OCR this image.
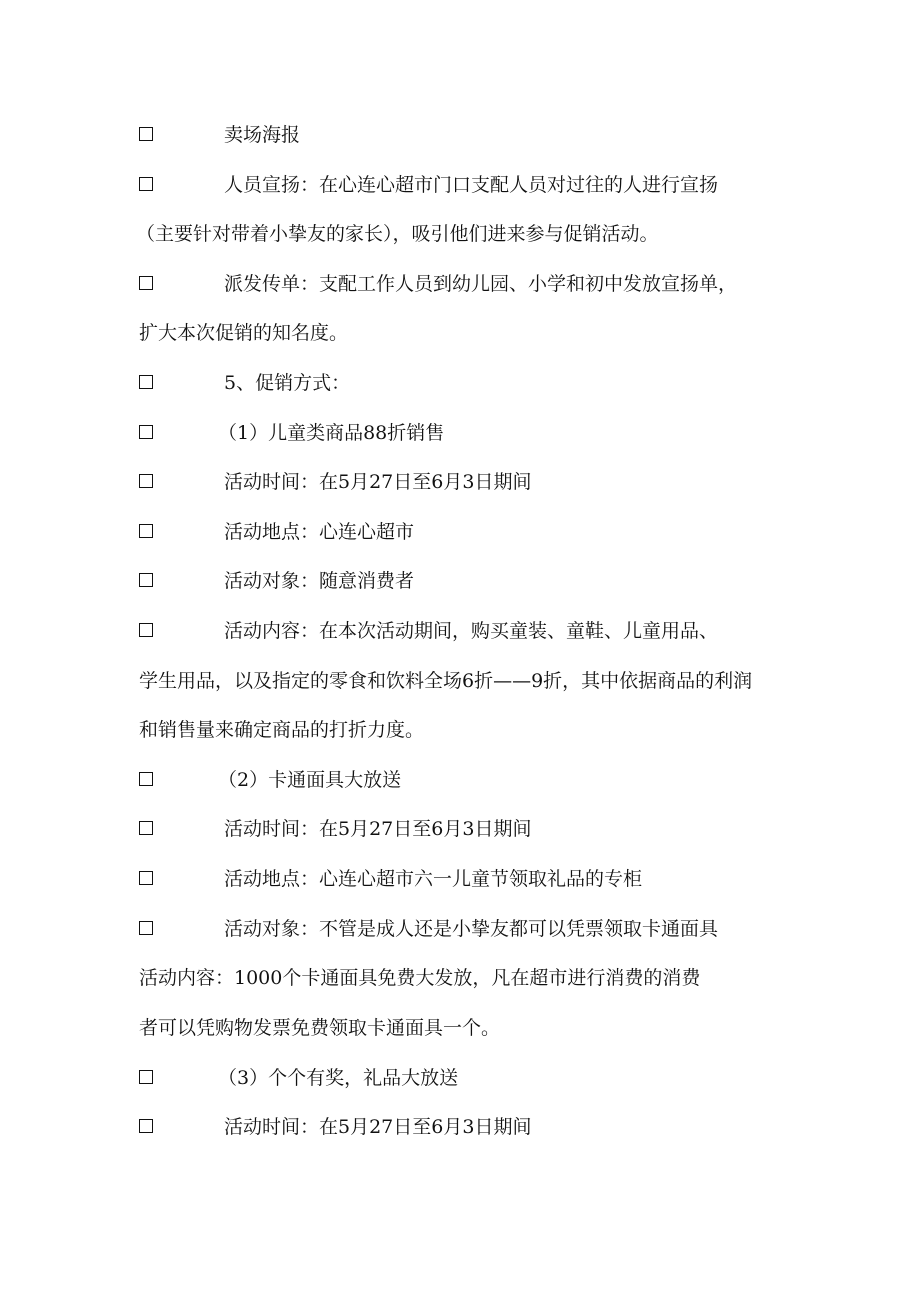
卖场海报
人员宣扬：在心连心超市门口支配人员对过往的人进行宣扬
（主要针对带着小挚友的家长），吸引他们进来参与促销活动。
派发传单：支配工作人员到幼儿园、小学和初中发放宣扬单，
扩大本次促销的知名度。
5、促销方式：
（1）儿童类商品88折销售
活动时间：在5月27日至6月3日期间
活动地点：心连心超市
活动对象：随意消费者
活动内容：在本次活动期间，购买童装、童鞋、儿童用品、
学生用品，以及指定的零食和饮料全场6折——9折，其中依据商品的利润
和销售量来确定商品的打折力度。
（2）卡通面具大放送
活动时间：在5月27日至6月3日期间
活动地点：心连心超市六一儿童节领取礼品的专柜
活动对象：不管是成人还是小挚友都可以凭票领取卡通面具
活动内容：1000个卡通面具免费大发放，凡在超市进行消费的消费
者可以凭购物发票免费领取卡通面具一个。
（3）个个有奖，礼品大放送
活动时间：在5月27日至6月3日期间
